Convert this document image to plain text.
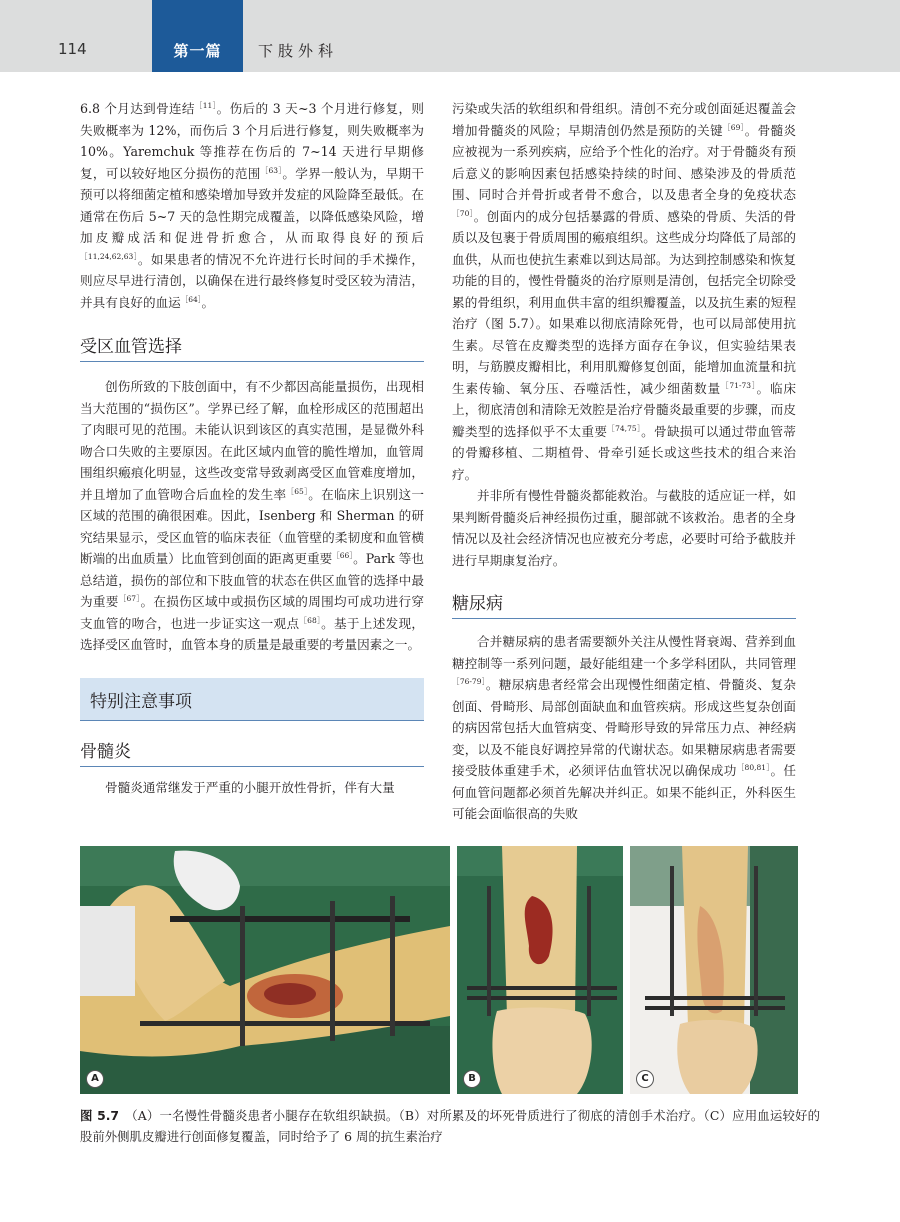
114	第一篇	下肢外科

6.8 个月达到骨连结$^{[11]}$。伤后的 3 天~3 个月进行修复，则失败概率为 12%，而伤后 3 个月后进行修复，则失败概率为 10%。Yaremchuk 等推荐在伤后的 7~14 天进行早期修复，可以较好地区分损伤的范围$^{[63]}$。学界一般认为，早期干预可以将细菌定植和感染增加导致并发症的风险降至最低。在通常在伤后 5~7 天的急性期完成覆盖，以降低感染风险，增加皮瓣成活和促进骨折愈合，从而取得良好的预后$^{[11,24,62,63]}$。如果患者的情况不允许进行长时间的手术操作，则应尽早进行清创，以确保在进行最终修复时受区较为清洁，并具有良好的血运$^{[64]}$。

受区血管选择

创伤所致的下肢创面中，有不少都因高能量损伤，出现相当大范围的“损伤区”。学界已经了解，血栓形成区的范围超出了肉眼可见的范围。未能认识到该区的真实范围，是显微外科吻合口失败的主要原因。在此区域内血管的脆性增加，血管周围组织瘢痕化明显，这些改变常导致剥离受区血管难度增加，并且增加了血管吻合后血栓的发生率$^{[65]}$。在临床上识别这一区域的范围的确很困难。因此，Isenberg 和 Sherman 的研究结果显示，受区血管的临床表征（血管壁的柔韧度和血管横断端的出血质量）比血管到创面的距离更重要$^{[66]}$。Park 等也总结道，损伤的部位和下肢血管的状态在供区血管的选择中最为重要$^{[67]}$。在损伤区域中或损伤区域的周围均可成功进行穿支血管的吻合，也进一步证实这一观点$^{[68]}$。基于上述发现，选择受区血管时，血管本身的质量是最重要的考量因素之一。

特别注意事项
骨髓炎

骨髓炎通常继发于严重的小腿开放性骨折，伴有大量

污染或失活的软组织和骨组织。清创不充分或创面延迟覆盖会增加骨髓炎的风险；早期清创仍然是预防的关键$^{[69]}$。骨髓炎应被视为一系列疾病，应给予个性化的治疗。对于骨髓炎有预后意义的影响因素包括感染持续的时间、感染涉及的骨质范围、同时合并骨折或者骨不愈合，以及患者全身的免疫状态$^{[70]}$。创面内的成分包括暴露的骨质、感染的骨质、失活的骨质以及包裹于骨质周围的瘢痕组织。这些成分均降低了局部的血供，从而也使抗生素难以到达局部。为达到控制感染和恢复功能的目的，慢性骨髓炎的治疗原则是清创，包括完全切除受累的骨组织，利用血供丰富的组织瓣覆盖，以及抗生素的短程治疗（图 5.7）。如果难以彻底清除死骨，也可以局部使用抗生素。尽管在皮瓣类型的选择方面存在争议，但实验结果表明，与筋膜皮瓣相比，利用肌瓣修复创面，能增加血流量和抗生素传输、氧分压、吞噬活性，减少细菌数量$^{[71-73]}$。临床上，彻底清创和清除无效腔是治疗骨髓炎最重要的步骤，而皮瓣类型的选择似乎不太重要$^{[74,75]}$。骨缺损可以通过带血管蒂的骨瓣移植、二期植骨、骨牵引延长或这些技术的组合来治疗。

并非所有慢性骨髓炎都能救治。与截肢的适应证一样，如果判断骨髓炎后神经损伤过重，腿部就不该救治。患者的全身情况以及社会经济情况也应被充分考虑，必要时可给予截肢并进行早期康复治疗。

糖尿病

合并糖尿病的患者需要额外关注从慢性肾衰竭、营养到血糖控制等一系列问题，最好能组建一个多学科团队，共同管理$^{[76-79]}$。糖尿病患者经常会出现慢性细菌定植、骨髓炎、复杂创面、骨畸形、局部创面缺血和血管疾病。形成这些复杂创面的病因常包括大血管病变、骨畸形导致的异常压力点、神经病变，以及不能良好调控异常的代谢状态。如果糖尿病患者需要接受肢体重建手术，必须评估血管状况以确保成功$^{[80,81]}$。任何血管问题都必须首先解决并纠正。如果不能纠正，外科医生可能会面临很高的失败

A	B	C
图 5.7 （A）一名慢性骨髓炎患者小腿存在软组织缺损。（B）对所累及的坏死骨质进行了彻底的清创手术治疗。（C）应用血运较好的股前外侧肌皮瓣进行创面修复覆盖，同时给予了 6 周的抗生素治疗
